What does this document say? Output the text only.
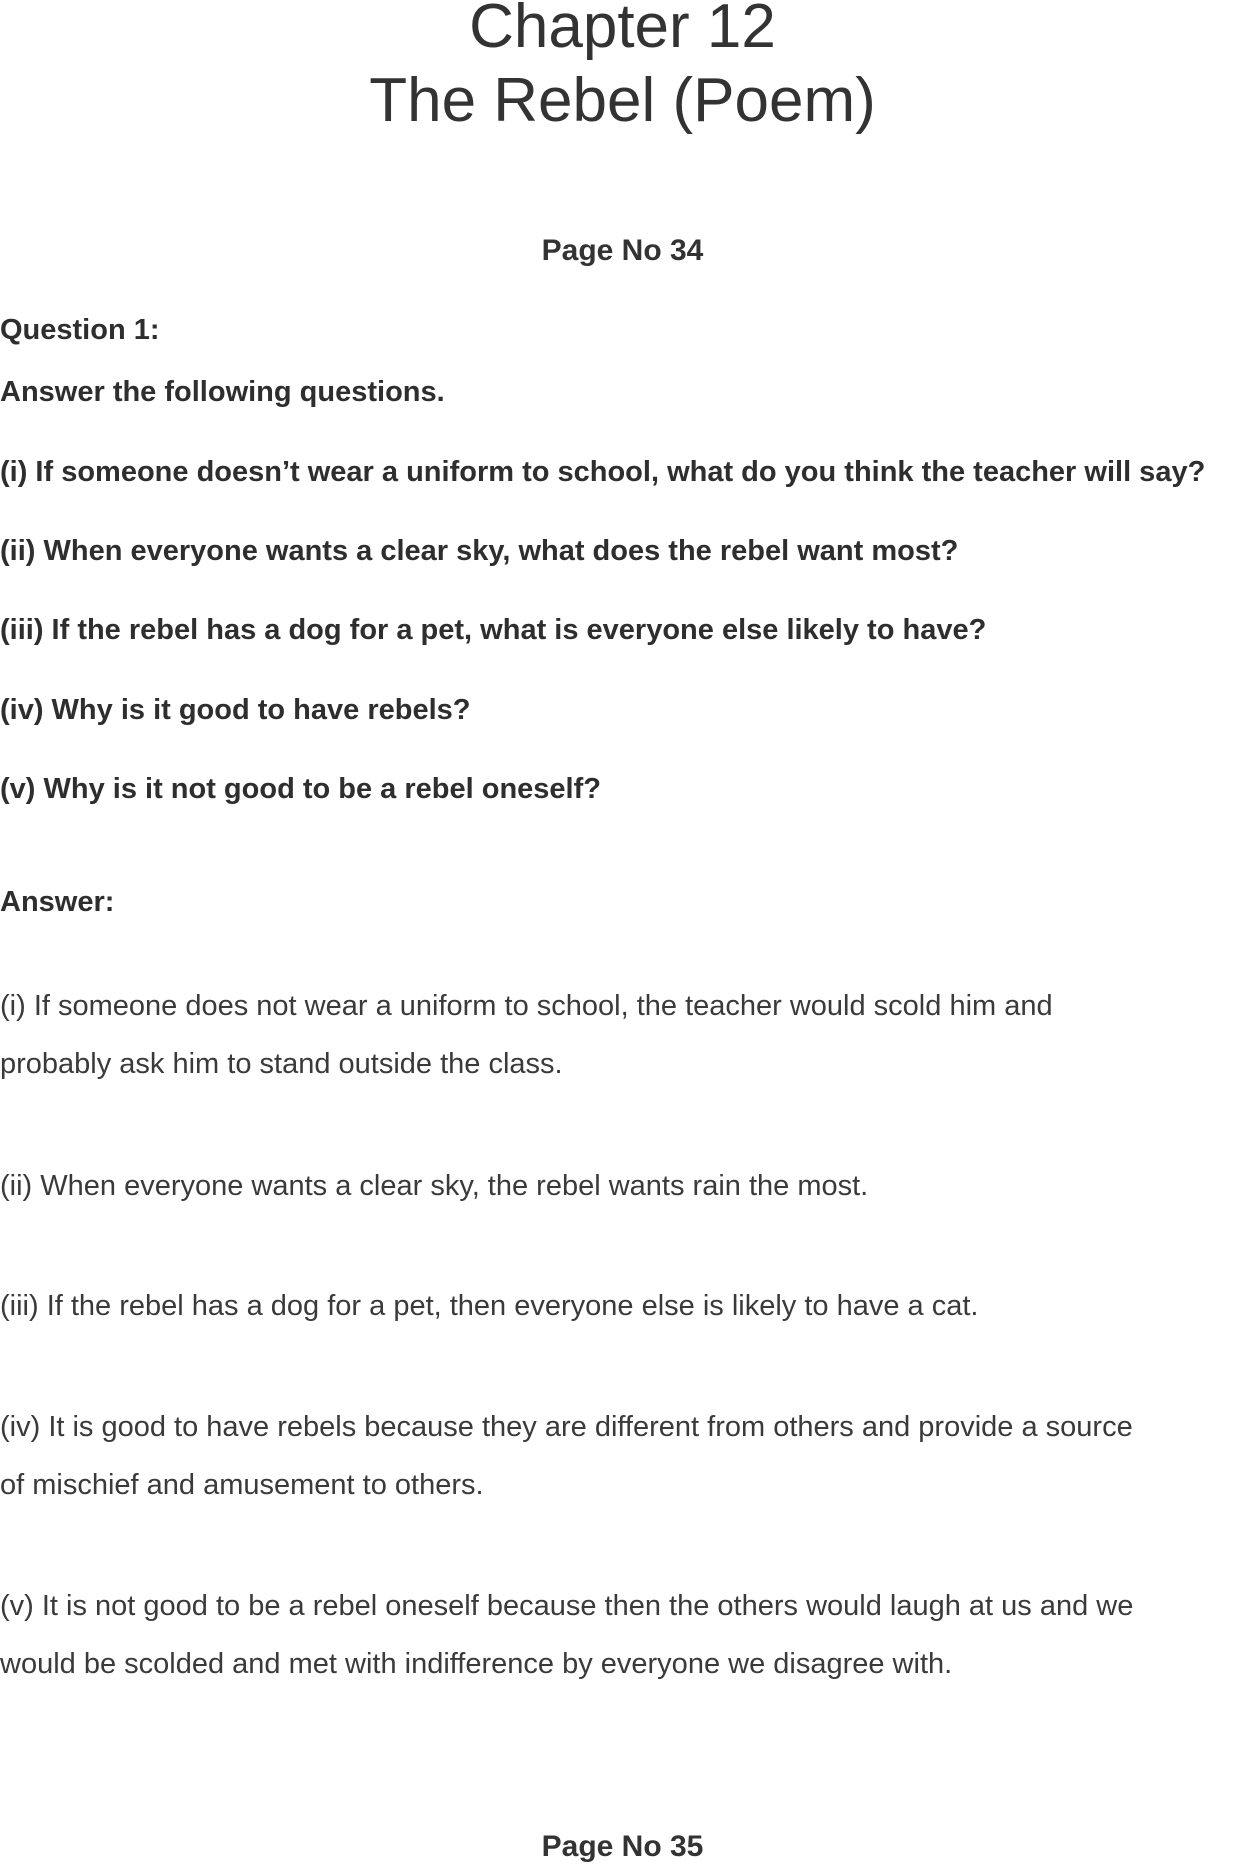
Chapter 12
The Rebel (Poem)
Page No 34
Question 1:
Answer the following questions.
(i) If someone doesn’t wear a uniform to school, what do you think the teacher will say?
(ii) When everyone wants a clear sky, what does the rebel want most?
(iii) If the rebel has a dog for a pet, what is everyone else likely to have?
(iv) Why is it good to have rebels?
(v) Why is it not good to be a rebel oneself?
Answer:
(i) If someone does not wear a uniform to school, the teacher would scold him and
probably ask him to stand outside the class.
(ii) When everyone wants a clear sky, the rebel wants rain the most.
(iii) If the rebel has a dog for a pet, then everyone else is likely to have a cat.
(iv) It is good to have rebels because they are different from others and provide a source
of mischief and amusement to others.
(v) It is not good to be a rebel oneself because then the others would laugh at us and we
would be scolded and met with indifference by everyone we disagree with.
Page No 35
